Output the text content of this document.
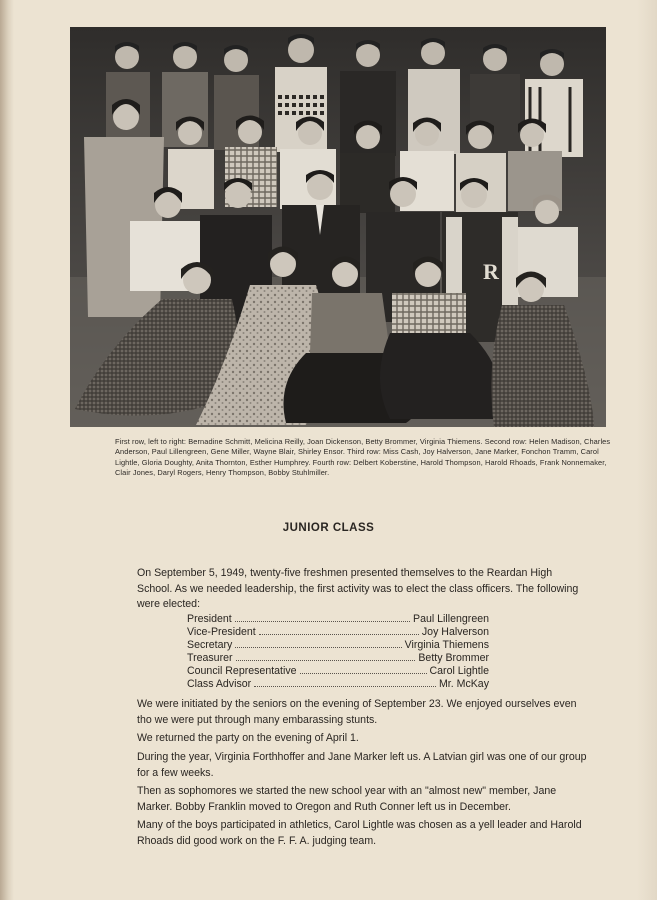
R
First row, left to right: Bernadine Schmitt, Melicina Reilly, Joan Dickenson, Betty Brommer, Virginia Thiemens. Second row: Helen Madison, Charles Anderson, Paul Lillengreen, Gene Miller, Wayne Blair, Shirley Ensor. Third row: Miss Cash, Joy Halverson, Jane Marker, Fonchon Tramm, Carol Lightle, Gloria Doughty, Anita Thornton, Esther Humphrey. Fourth row: Delbert Koberstine, Harold Thompson, Harold Rhoads, Frank Nonnemaker, Clair Jones, Daryl Rogers, Henry Thompson, Bobby Stuhlmiller.
JUNIOR CLASS
On September 5, 1949, twenty-five freshmen presented themselves to the Reardan High School. As we needed leadership, the first activity was to elect the class officers. The following were elected:
President	Paul Lillengreen
Vice-President	Joy Halverson
Secretary	Virginia Thiemens
Treasurer	Betty Brommer
Council Representative	Carol Lightle
Class Advisor	Mr. McKay
We were initiated by the seniors on the evening of September 23. We enjoyed ourselves even tho we were put through many embarassing stunts.
We returned the party on the evening of April 1.
During the year, Virginia Forthhoffer and Jane Marker left us. A Latvian girl was one of our group for a few weeks.
Then as sophomores we started the new school year with an "almost new" member, Jane Marker. Bobby Franklin moved to Oregon and Ruth Conner left us in December.
Many of the boys participated in athletics, Carol Lightle was chosen as a yell leader and Harold Rhoads did good work on the F. F. A. judging team.
